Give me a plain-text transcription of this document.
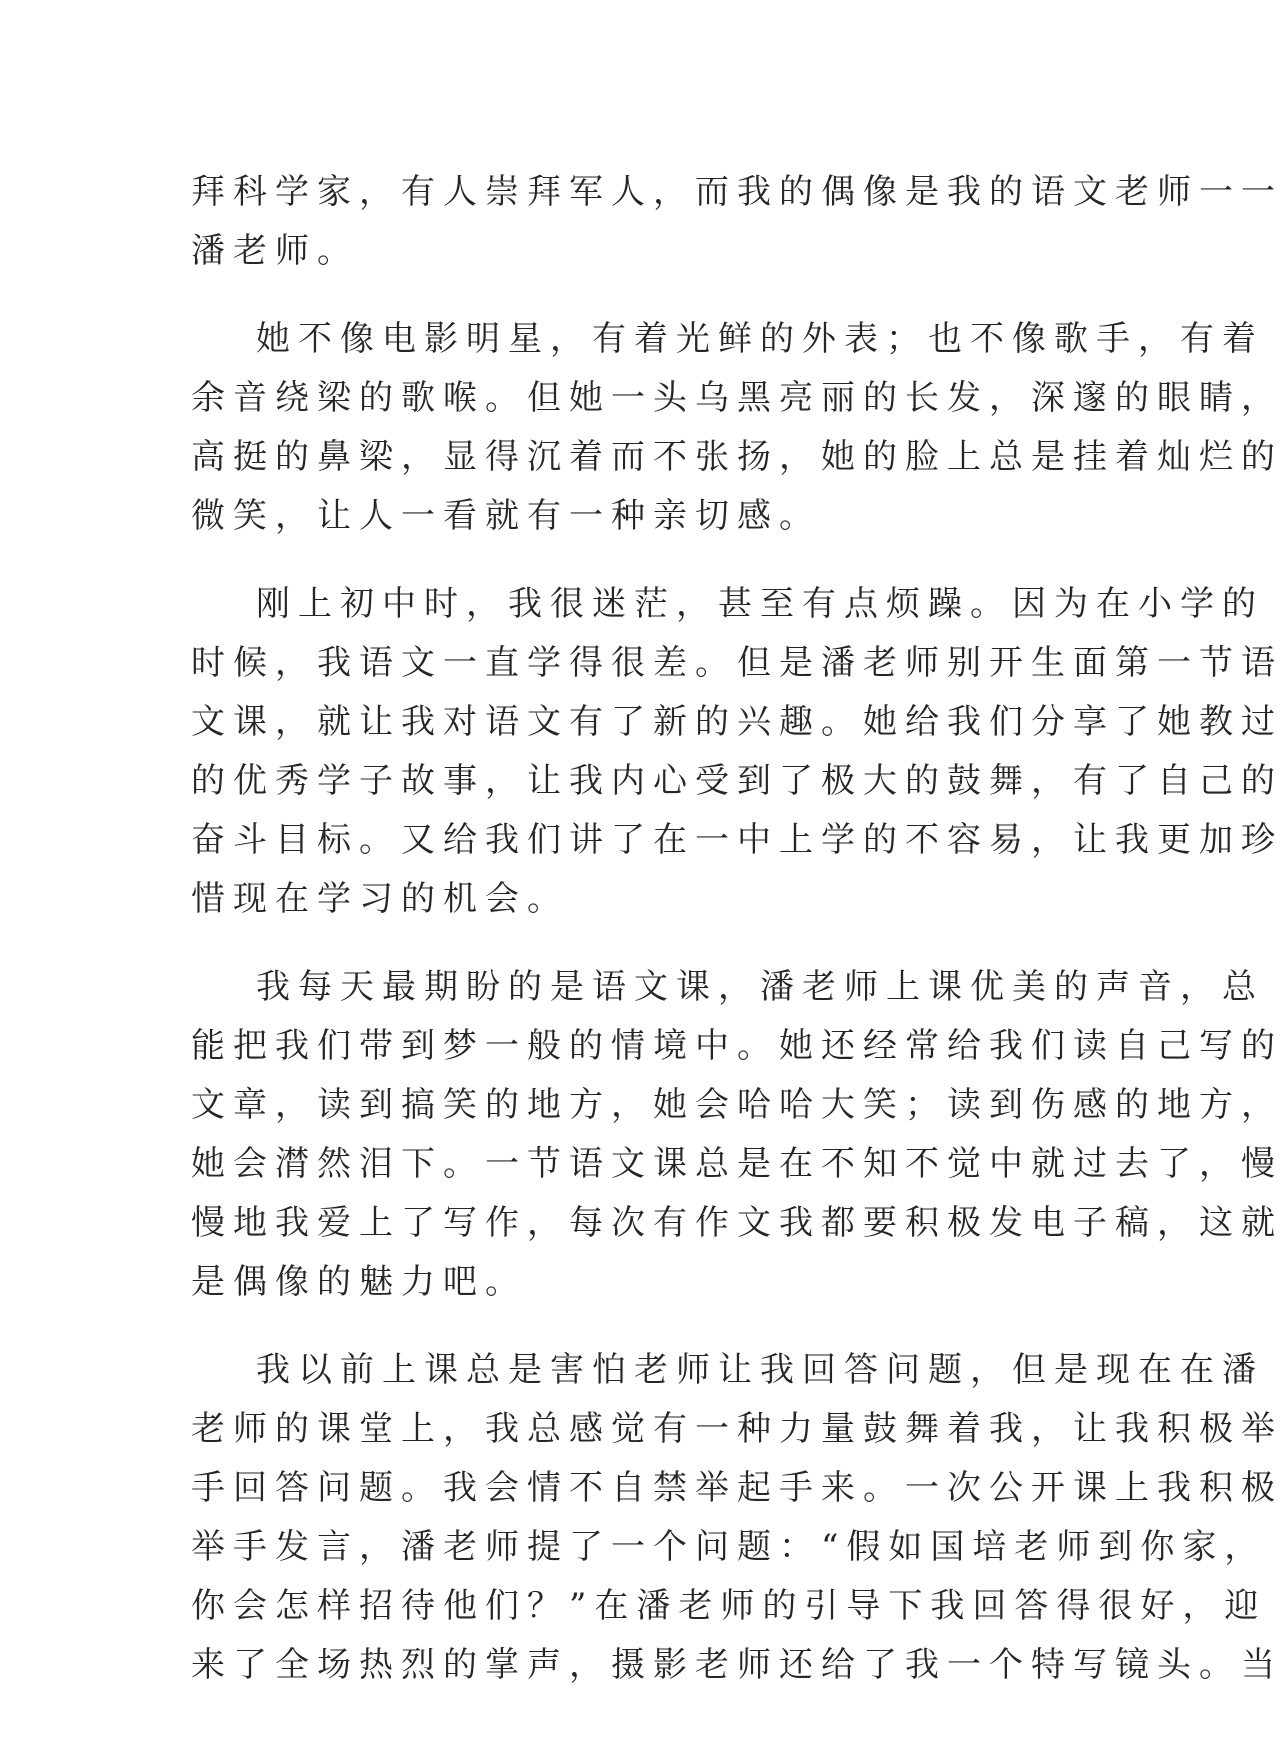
拜科学家，有人崇拜军人，而我的偶像是我的语文老师一一
潘老师。
她不像电影明星，有着光鲜的外表；也不像歌手，有着
余音绕梁的歌喉。但她一头乌黑亮丽的长发，深邃的眼睛，
高挺的鼻梁，显得沉着而不张扬，她的脸上总是挂着灿烂的
微笑，让人一看就有一种亲切感。
刚上初中时，我很迷茫，甚至有点烦躁。因为在小学的
时候，我语文一直学得很差。但是潘老师别开生面第一节语
文课，就让我对语文有了新的兴趣。她给我们分享了她教过
的优秀学子故事，让我内心受到了极大的鼓舞，有了自己的
奋斗目标。又给我们讲了在一中上学的不容易，让我更加珍
惜现在学习的机会。
我每天最期盼的是语文课，潘老师上课优美的声音，总
能把我们带到梦一般的情境中。她还经常给我们读自己写的
文章，读到搞笑的地方，她会哈哈大笑；读到伤感的地方，
她会潸然泪下。一节语文课总是在不知不觉中就过去了，慢
慢地我爱上了写作，每次有作文我都要积极发电子稿，这就
是偶像的魅力吧。
我以前上课总是害怕老师让我回答问题，但是现在在潘
老师的课堂上，我总感觉有一种力量鼓舞着我，让我积极举
手回答问题。我会情不自禁举起手来。一次公开课上我积极
举手发言，潘老师提了一个问题：“假如国培老师到你家，
你会怎样招待他们？”在潘老师的引导下我回答得很好，迎
来了全场热烈的掌声，摄影老师还给了我一个特写镜头。当
